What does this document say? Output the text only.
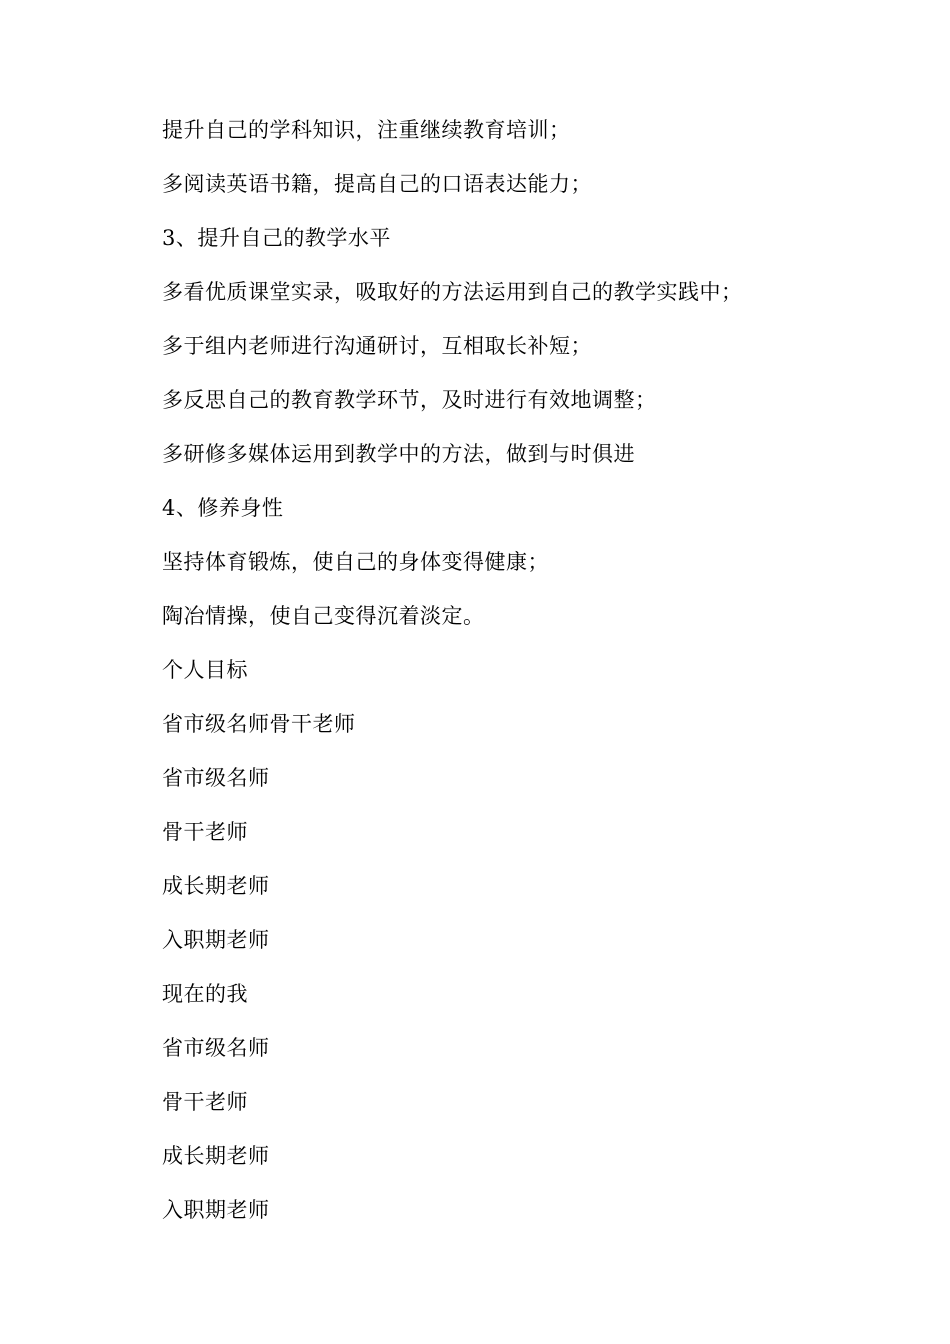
提升自己的学科知识，注重继续教育培训；
多阅读英语书籍，提高自己的口语表达能力；
3、提升自己的教学水平
多看优质课堂实录，吸取好的方法运用到自己的教学实践中；
多于组内老师进行沟通研讨，互相取长补短；
多反思自己的教育教学环节，及时进行有效地调整；
多研修多媒体运用到教学中的方法，做到与时俱进
4、修养身性
坚持体育锻炼，使自己的身体变得健康；
陶冶情操，使自己变得沉着淡定。
个人目标
省市级名师骨干老师
省市级名师
骨干老师
成长期老师
入职期老师
现在的我
省市级名师
骨干老师
成长期老师
入职期老师
